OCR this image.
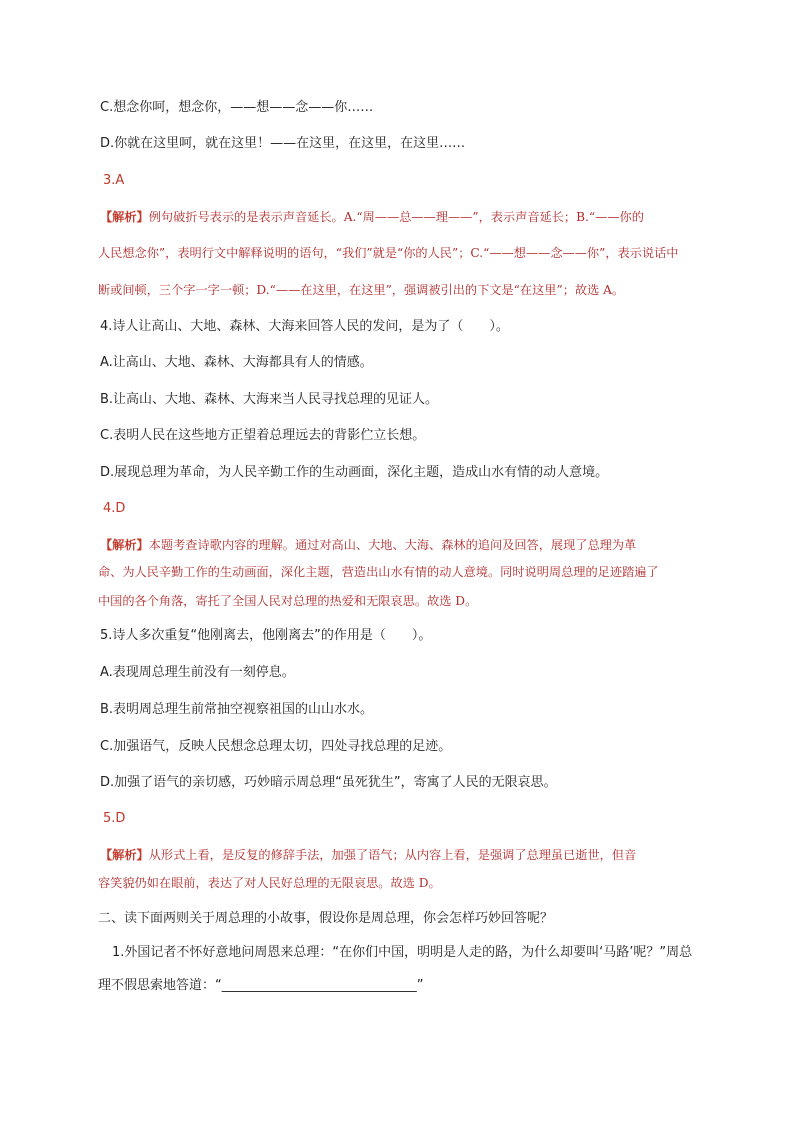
C.想念你呵，想念你，——想——念——你……
D.你就在这里呵，就在这里！——在这里，在这里，在这里……
3.A
【解析】例句破折号表示的是表示声音延长。A.“周——总——理——”，表示声音延长；B.“——你的
人民想念你”，表明行文中解释说明的语句，“我们”就是“你的人民”；C.“——想——念——你”，表示说话中
断或间顿，三个字一字一顿；D.“——在这里，在这里”，强调被引出的下文是“在这里”；故选 A。
4.诗人让高山、大地、森林、大海来回答人民的发问，是为了（　　）。
A.让高山、大地、森林、大海都具有人的情感。
B.让高山、大地、森林、大海来当人民寻找总理的见证人。
C.表明人民在这些地方正望着总理远去的背影伫立长想。
D.展现总理为革命，为人民辛勤工作的生动画面，深化主题，造成山水有情的动人意境。
4.D
【解析】本题考查诗歌内容的理解。通过对高山、大地、大海、森林的追问及回答，展现了总理为革
命、为人民辛勤工作的生动画面，深化主题，营造出山水有情的动人意境。同时说明周总理的足迹踏遍了
中国的各个角落，寄托了全国人民对总理的热爱和无限哀思。故选 D。
5.诗人多次重复“他刚离去，他刚离去”的作用是（　　）。
A.表现周总理生前没有一刻停息。
B.表明周总理生前常抽空视察祖国的山山水水。
C.加强语气，反映人民想念总理太切，四处寻找总理的足迹。
D.加强了语气的亲切感，巧妙暗示周总理“虽死犹生”，寄寓了人民的无限哀思。
5.D
【解析】从形式上看，是反复的修辞手法，加强了语气；从内容上看，是强调了总理虽已逝世，但音
容笑貌仍如在眼前，表达了对人民好总理的无限哀思。故选 D。
二、读下面两则关于周总理的小故事，假设你是周总理，你会怎样巧妙回答呢？
1.外国记者不怀好意地问周恩来总理：“在你们中国，明明是人走的路，为什么却要叫‘马路’呢？”周总
理不假思索地答道：“______________________________”
